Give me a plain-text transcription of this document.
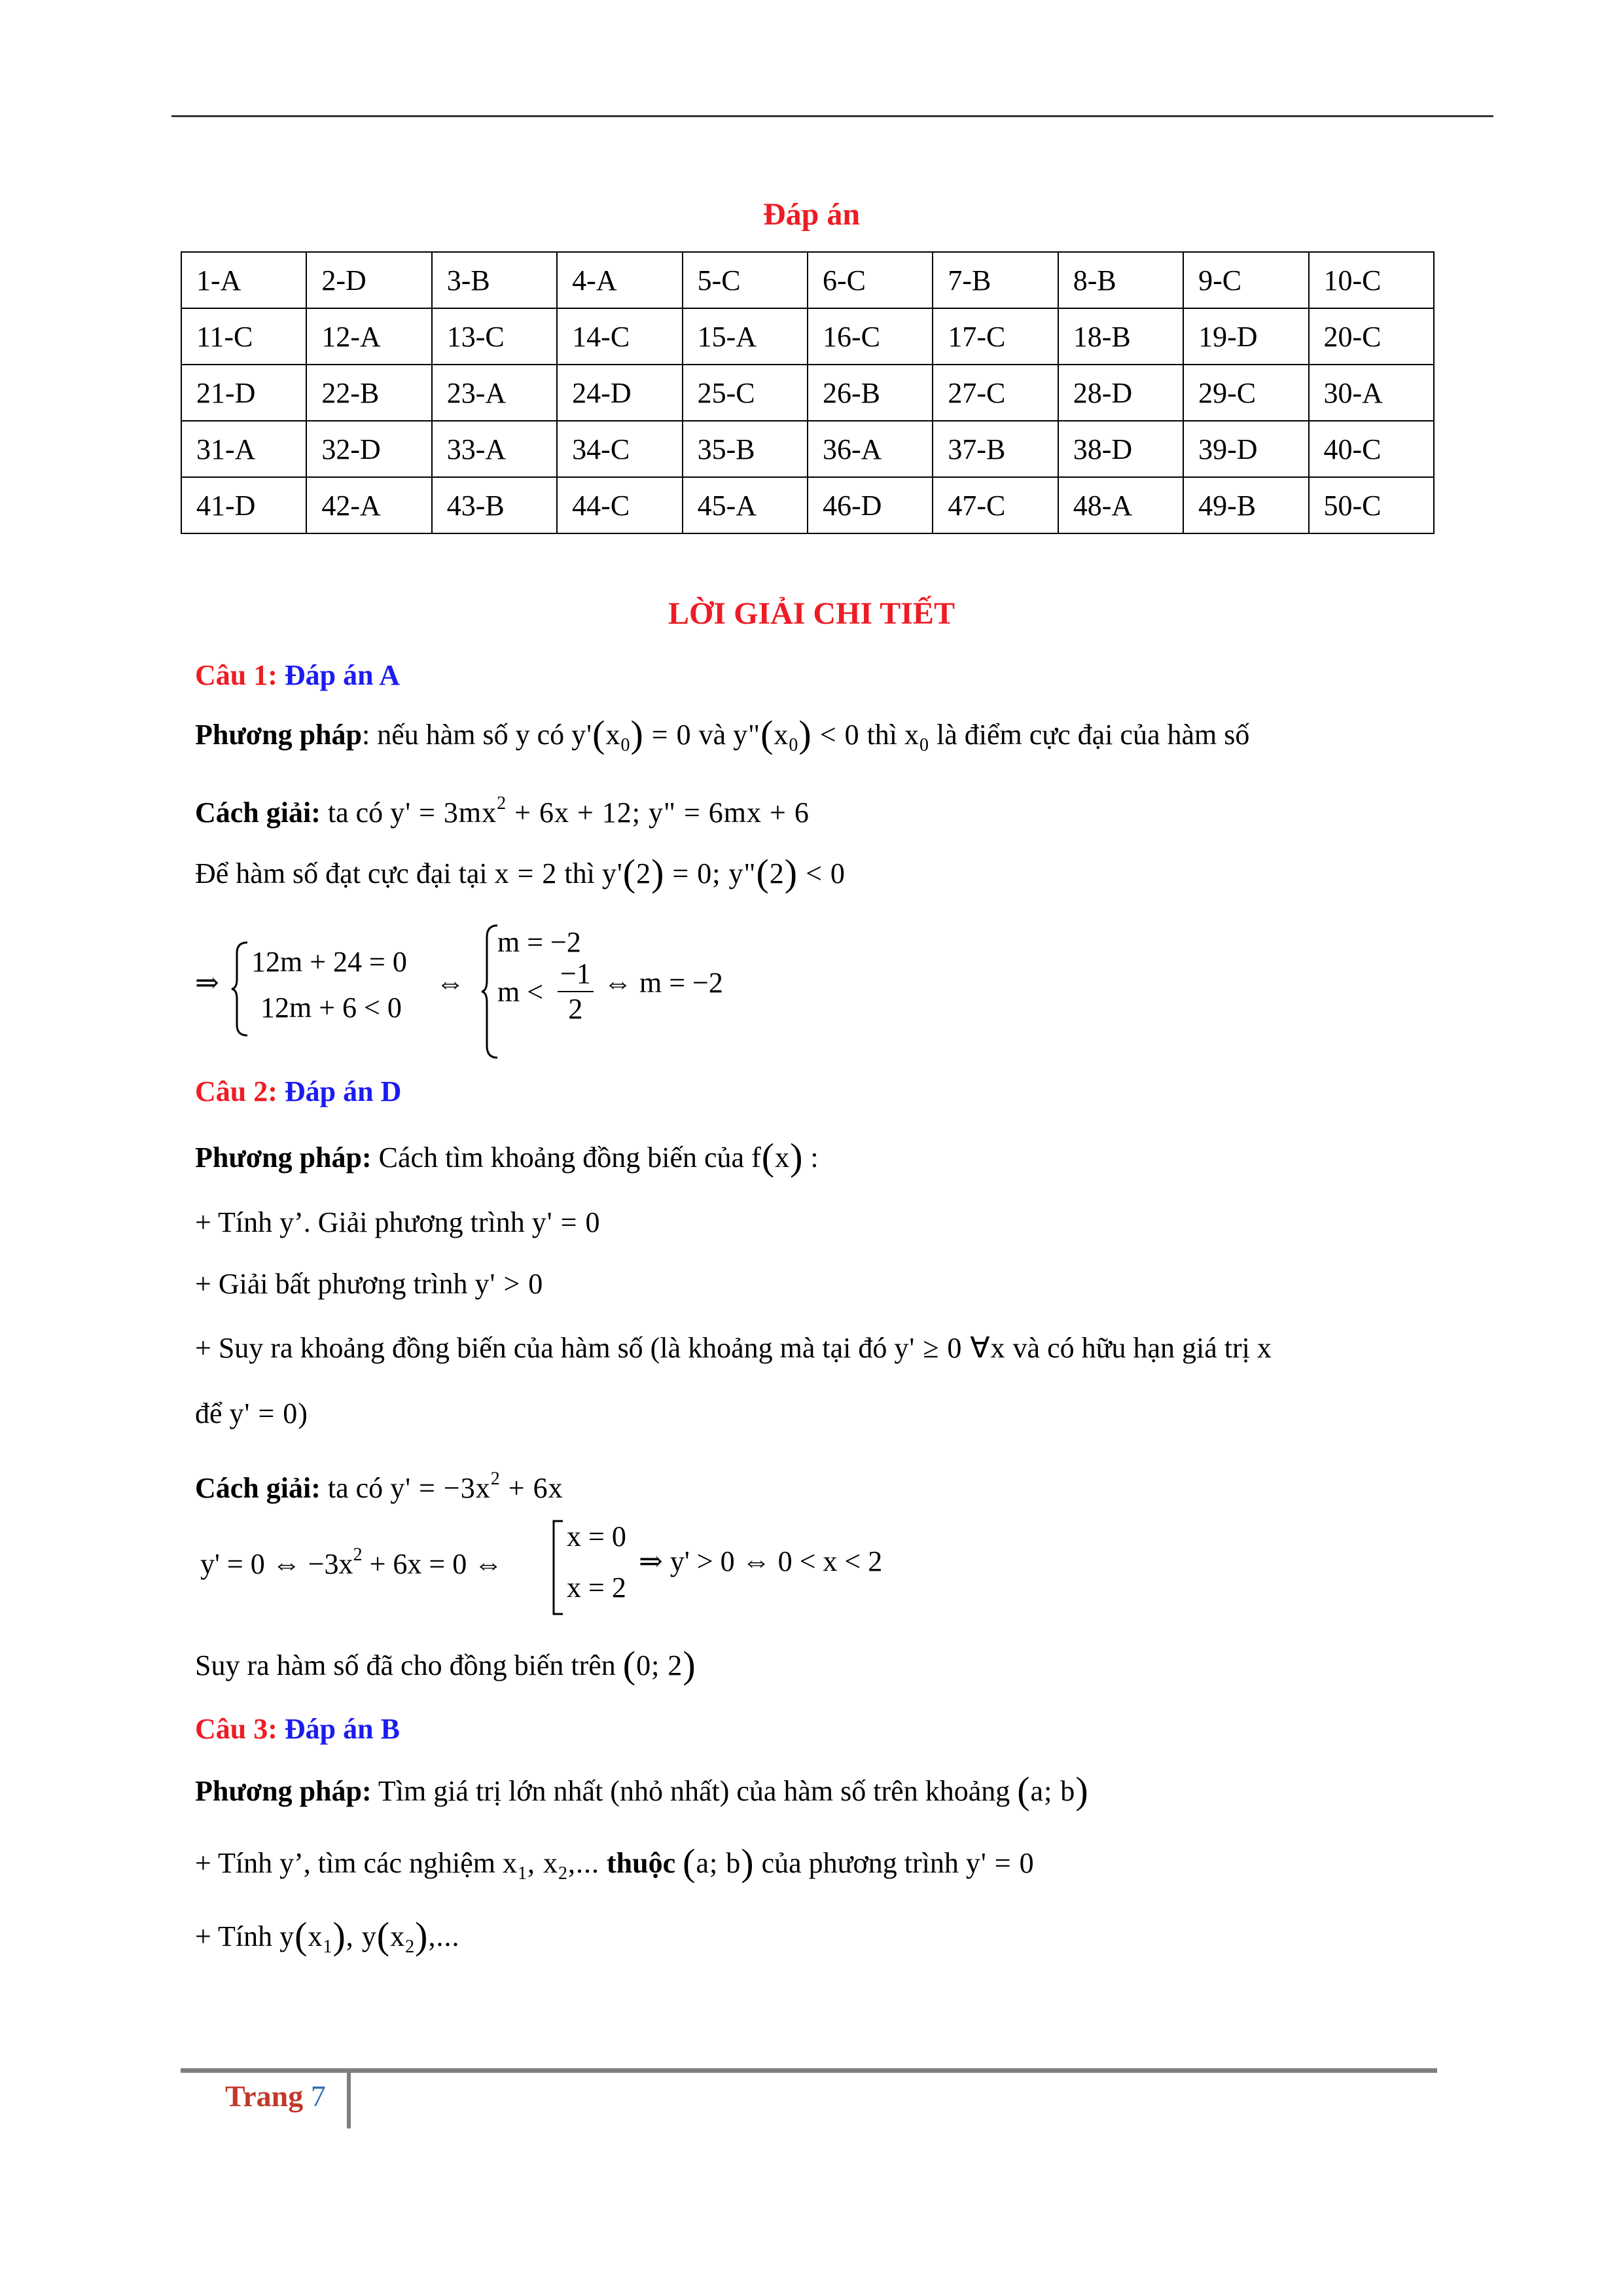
Đáp án
1-A	2-D	3-B	4-A	5-C	6-C	7-B	8-B	9-C	10-C
11-C	12-A	13-C	14-C	15-A	16-C	17-C	18-B	19-D	20-C
21-D	22-B	23-A	24-D	25-C	26-B	27-C	28-D	29-C	30-A
31-A	32-D	33-A	34-C	35-B	36-A	37-B	38-D	39-D	40-C
41-D	42-A	43-B	44-C	45-A	46-D	47-C	48-A	49-B	50-C
LỜI GIẢI CHI TIẾT
Câu 1: Đáp án A
Phương pháp: nếu hàm số y có $y'(x_0) = 0$ và $y"(x_0) < 0$ thì $x_0$ là điểm cực đại của hàm số
Cách giải: ta có $y' = 3mx^2 + 6x + 12$; y" = 6mx + 6
Để hàm số đạt cực đại tại x = 2 thì y'(2) = 0; y"(2) < 0
⇒
12m + 24 = 0
12m + 6 < 0
⇔
m = −2
$m < \frac{-1}{2}$ ⇔ m = −2
Câu 2: Đáp án D
Phương pháp: Cách tìm khoảng đồng biến của f(x) :
+ Tính y’. Giải phương trình y' = 0
+ Giải bất phương trình y' > 0
+ Suy ra khoảng đồng biến của hàm số (là khoảng mà tại đó y' ≥ 0 ∀x và có hữu hạn giá trị x
để y' = 0)
Cách giải: ta có $y' = -3x^2 + 6x$
y' = 0 ⇔ $-3x^2 + 6x = 0$ ⇔
x = 0
x = 2
⇒ y' > 0 ⇔ 0 < x < 2
Suy ra hàm số đã cho đồng biến trên (0; 2)
Câu 3: Đáp án B
Phương pháp: Tìm giá trị lớn nhất (nhỏ nhất) của hàm số trên khoảng (a; b)
+ Tính y’, tìm các nghiệm $x_1$, $x_2$,... thuộc (a; b) của phương trình y' = 0
+ Tính $y(x_1)$, $y(x_2)$,...
Trang 7
